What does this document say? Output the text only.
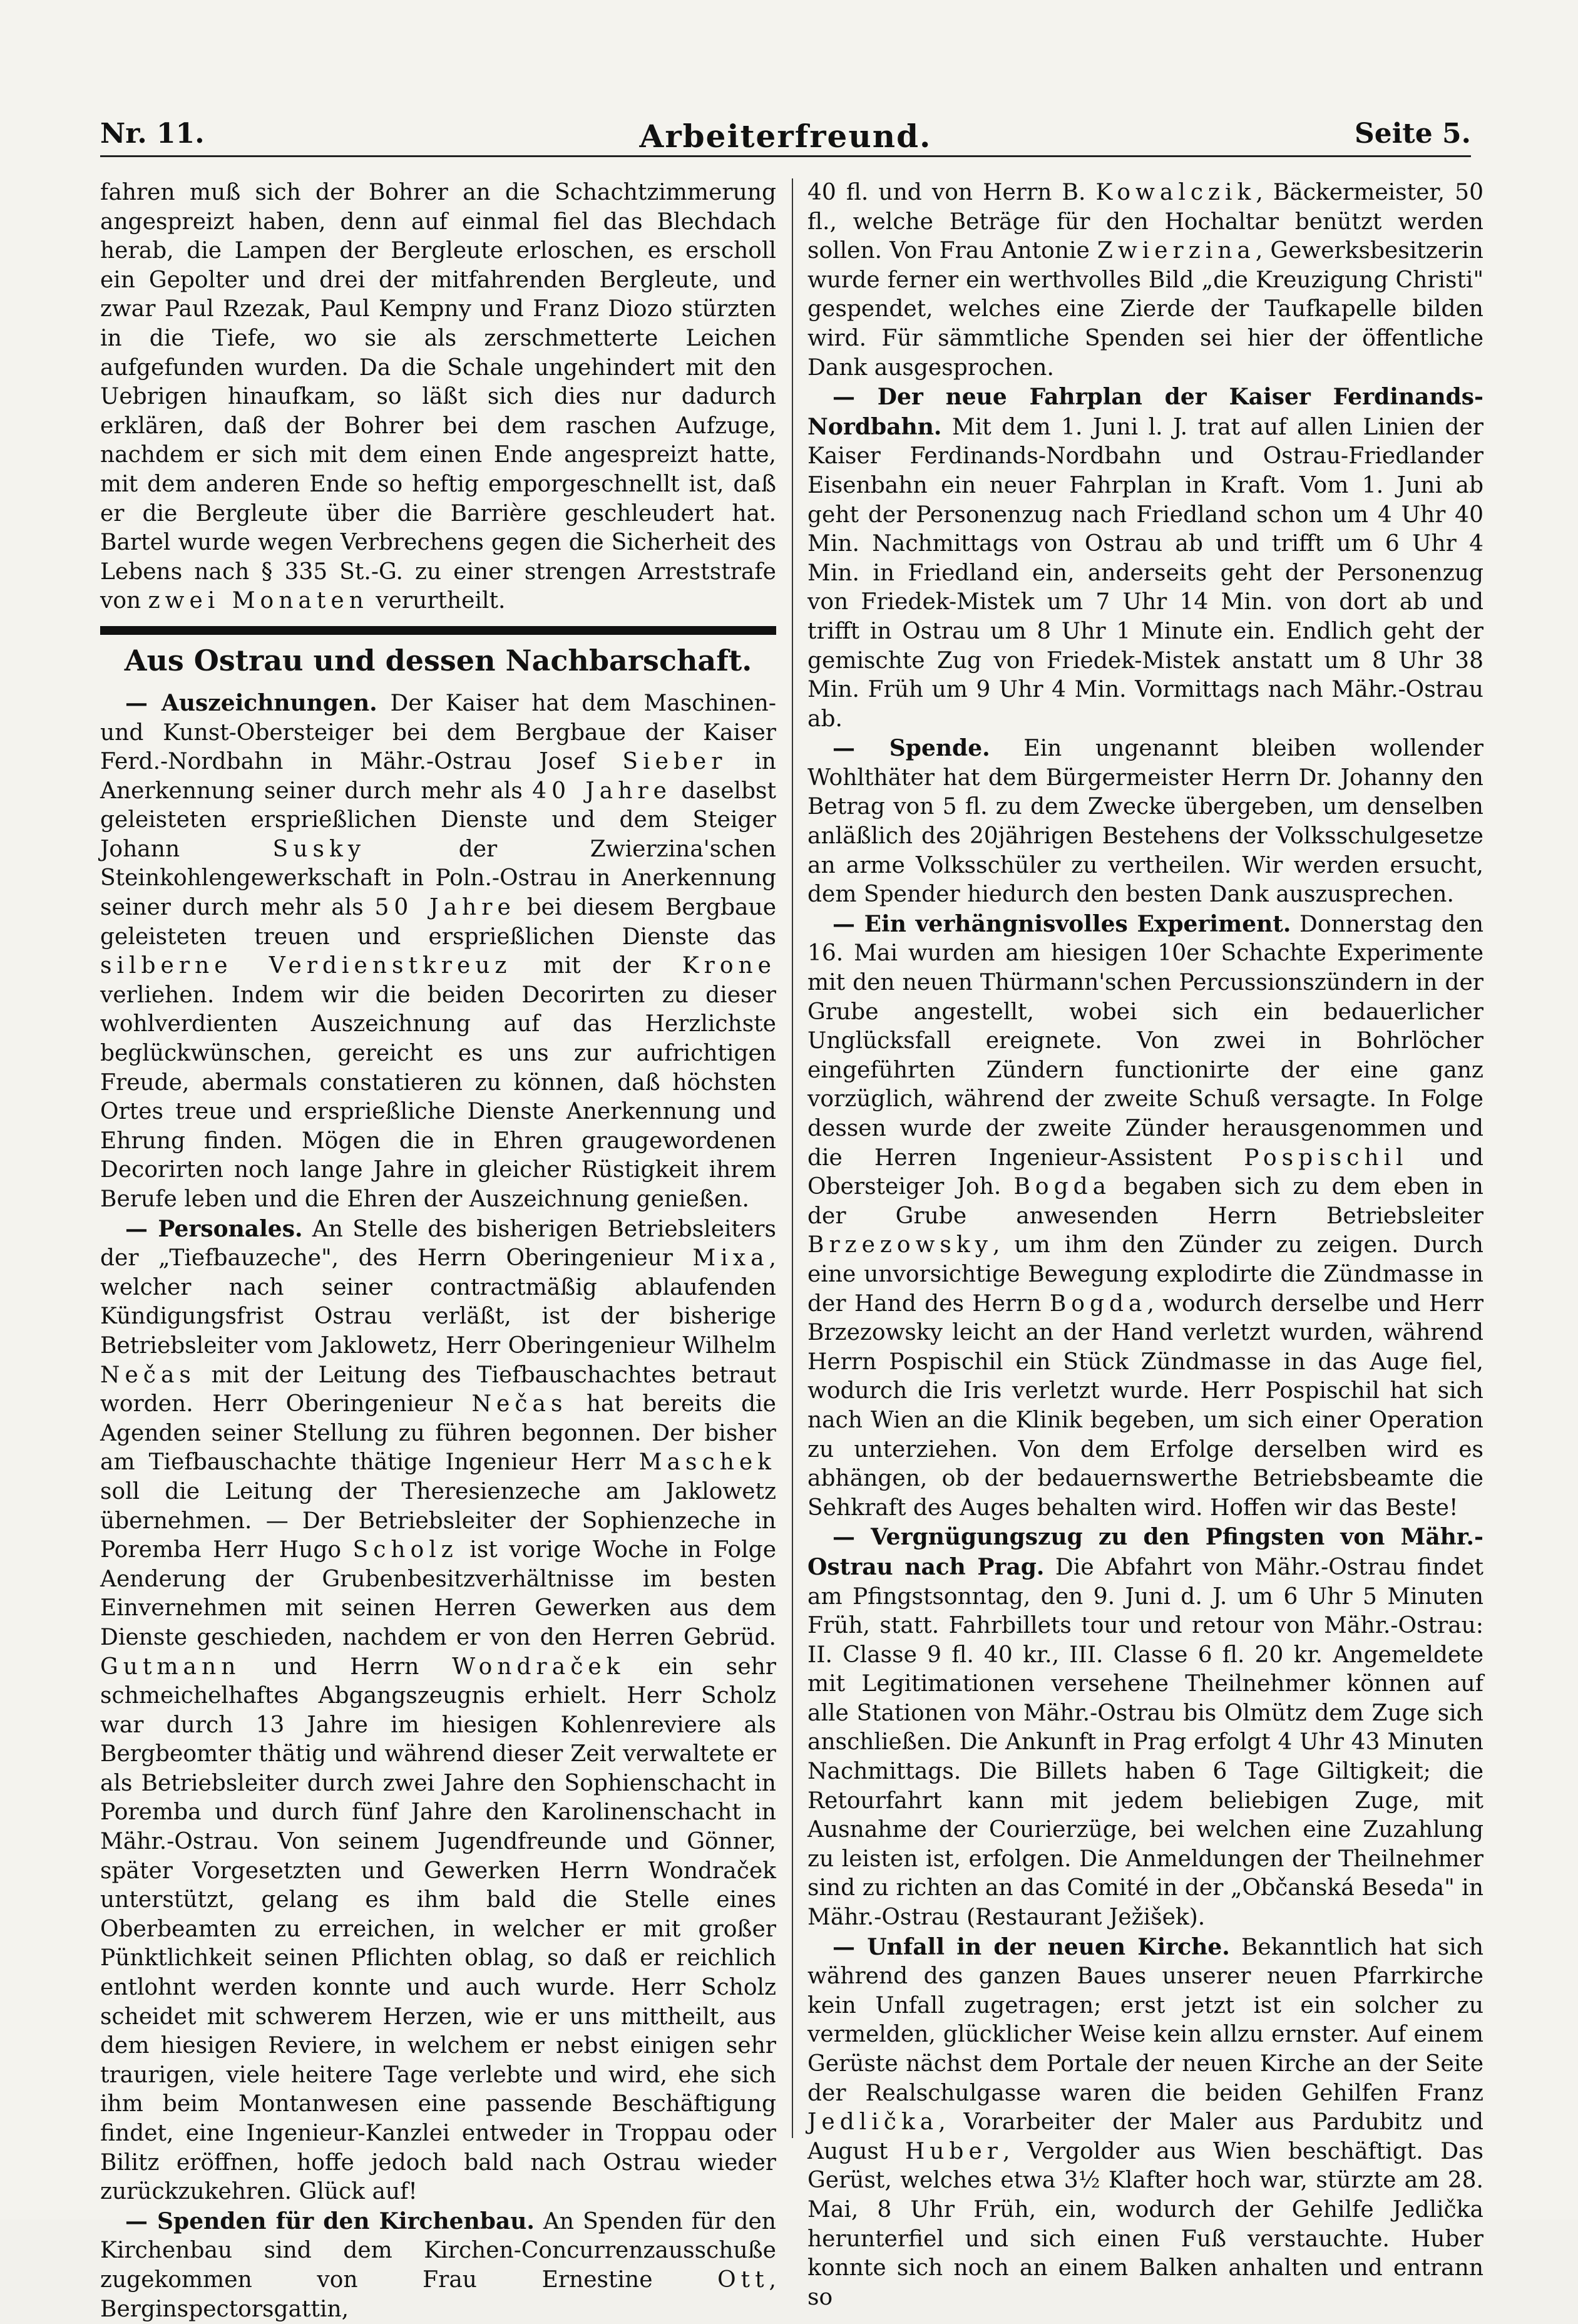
Nr. 11.	Arbeiterfreund.	Seite 5.

fahren muß sich der Bohrer an die Schachtzimmerung angespreizt haben, denn auf einmal fiel das Blechdach herab, die Lampen der Bergleute erloschen, es erscholl ein Gepolter und drei der mitfahrenden Bergleute, und zwar Paul Rzezak, Paul Kempny und Franz Diozo stürzten in die Tiefe, wo sie als zerschmetterte Leichen aufgefunden wurden. Da die Schale ungehindert mit den Uebrigen hinaufkam, so läßt sich dies nur dadurch erklären, daß der Bohrer bei dem raschen Aufzuge, nachdem er sich mit dem einen Ende angespreizt hatte, mit dem anderen Ende so heftig emporgeschnellt ist, daß er die Bergleute über die Barrière geschleudert hat. Bartel wurde wegen Verbrechens gegen die Sicherheit des Lebens nach § 335 St.-G. zu einer strengen Arreststrafe von zwei Monaten verurtheilt.

Aus Ostrau und dessen Nachbarschaft.

— Auszeichnungen. Der Kaiser hat dem Maschinen- und Kunst-Obersteiger bei dem Bergbaue der Kaiser Ferd.-Nordbahn in Mähr.-Ostrau Josef Sieber in Anerkennung seiner durch mehr als 40 Jahre daselbst geleisteten ersprießlichen Dienste und dem Steiger Johann Susky der Zwierzina'schen Steinkohlengewerkschaft in Poln.-Ostrau in Anerkennung seiner durch mehr als 50 Jahre bei diesem Bergbaue geleisteten treuen und ersprießlichen Dienste das silberne Verdienstkreuz mit der Krone verliehen. Indem wir die beiden Decorirten zu dieser wohlverdienten Auszeichnung auf das Herzlichste beglückwünschen, gereicht es uns zur aufrichtigen Freude, abermals constatieren zu können, daß höchsten Ortes treue und ersprießliche Dienste Anerkennung und Ehrung finden. Mögen die in Ehren graugewordenen Decorirten noch lange Jahre in gleicher Rüstigkeit ihrem Berufe leben und die Ehren der Auszeichnung genießen.

— Personales. An Stelle des bisherigen Betriebsleiters der „Tiefbauzeche", des Herrn Oberingenieur Mixa, welcher nach seiner contractmäßig ablaufenden Kündigungsfrist Ostrau verläßt, ist der bisherige Betriebsleiter vom Jaklowetz, Herr Oberingenieur Wilhelm Nečas mit der Leitung des Tiefbauschachtes betraut worden. Herr Oberingenieur Nečas hat bereits die Agenden seiner Stellung zu führen begonnen. Der bisher am Tiefbauschachte thätige Ingenieur Herr Maschek soll die Leitung der Theresienzeche am Jaklowetz übernehmen. — Der Betriebsleiter der Sophienzeche in Poremba Herr Hugo Scholz ist vorige Woche in Folge Aenderung der Grubenbesitzverhältnisse im besten Einvernehmen mit seinen Herren Gewerken aus dem Dienste geschieden, nachdem er von den Herren Gebrüd. Gutmann und Herrn Wondraček ein sehr schmeichelhaftes Abgangszeugnis erhielt. Herr Scholz war durch 13 Jahre im hiesigen Kohlenreviere als Bergbeomter thätig und während dieser Zeit verwaltete er als Betriebsleiter durch zwei Jahre den Sophienschacht in Poremba und durch fünf Jahre den Karolinenschacht in Mähr.-Ostrau. Von seinem Jugendfreunde und Gönner, später Vorgesetzten und Gewerken Herrn Wondraček unterstützt, gelang es ihm bald die Stelle eines Oberbeamten zu erreichen, in welcher er mit großer Pünktlichkeit seinen Pflichten oblag, so daß er reichlich entlohnt werden konnte und auch wurde. Herr Scholz scheidet mit schwerem Herzen, wie er uns mittheilt, aus dem hiesigen Reviere, in welchem er nebst einigen sehr traurigen, viele heitere Tage verlebte und wird, ehe sich ihm beim Montanwesen eine passende Beschäftigung findet, eine Ingenieur-Kanzlei entweder in Troppau oder Bilitz eröffnen, hoffe jedoch bald nach Ostrau wieder zurückzukehren. Glück auf!

— Spenden für den Kirchenbau. An Spenden für den Kirchenbau sind dem Kirchen-Concurrenzausschuße zugekommen von Frau Ernestine Ott, Berginspectorsgattin,

40 fl. und von Herrn B. Kowalczik, Bäckermeister, 50 fl., welche Beträge für den Hochaltar benützt werden sollen. Von Frau Antonie Zwierzina, Gewerksbesitzerin wurde ferner ein werthvolles Bild „die Kreuzigung Christi" gespendet, welches eine Zierde der Taufkapelle bilden wird. Für sämmtliche Spenden sei hier der öffentliche Dank ausgesprochen.

— Der neue Fahrplan der Kaiser Ferdinands-Nordbahn. Mit dem 1. Juni l. J. trat auf allen Linien der Kaiser Ferdinands-Nordbahn und Ostrau-Friedlander Eisenbahn ein neuer Fahrplan in Kraft. Vom 1. Juni ab geht der Personenzug nach Friedland schon um 4 Uhr 40 Min. Nachmittags von Ostrau ab und trifft um 6 Uhr 4 Min. in Friedland ein, anderseits geht der Personenzug von Friedek-Mistek um 7 Uhr 14 Min. von dort ab und trifft in Ostrau um 8 Uhr 1 Minute ein. Endlich geht der gemischte Zug von Friedek-Mistek anstatt um 8 Uhr 38 Min. Früh um 9 Uhr 4 Min. Vormittags nach Mähr.-Ostrau ab.

— Spende. Ein ungenannt bleiben wollender Wohlthäter hat dem Bürgermeister Herrn Dr. Johanny den Betrag von 5 fl. zu dem Zwecke übergeben, um denselben anläßlich des 20jährigen Bestehens der Volksschulgesetze an arme Volksschüler zu vertheilen. Wir werden ersucht, dem Spender hiedurch den besten Dank auszusprechen.

— Ein verhängnisvolles Experiment. Donnerstag den 16. Mai wurden am hiesigen 10er Schachte Experimente mit den neuen Thürmann'schen Percussionszündern in der Grube angestellt, wobei sich ein bedauerlicher Unglücksfall ereignete. Von zwei in Bohrlöcher eingeführten Zündern functionirte der eine ganz vorzüglich, während der zweite Schuß versagte. In Folge dessen wurde der zweite Zünder herausgenommen und die Herren Ingenieur-Assistent Pospischil und Obersteiger Joh. Bogda begaben sich zu dem eben in der Grube anwesenden Herrn Betriebsleiter Brzezowsky, um ihm den Zünder zu zeigen. Durch eine unvorsichtige Bewegung explodirte die Zündmasse in der Hand des Herrn Bogda, wodurch derselbe und Herr Brzezowsky leicht an der Hand verletzt wurden, während Herrn Pospischil ein Stück Zündmasse in das Auge fiel, wodurch die Iris verletzt wurde. Herr Pospischil hat sich nach Wien an die Klinik begeben, um sich einer Operation zu unterziehen. Von dem Erfolge derselben wird es abhängen, ob der bedauernswerthe Betriebsbeamte die Sehkraft des Auges behalten wird. Hoffen wir das Beste!

— Vergnügungszug zu den Pfingsten von Mähr.-Ostrau nach Prag. Die Abfahrt von Mähr.-Ostrau findet am Pfingstsonntag, den 9. Juni d. J. um 6 Uhr 5 Minuten Früh, statt. Fahrbillets tour und retour von Mähr.-Ostrau: II. Classe 9 fl. 40 kr., III. Classe 6 fl. 20 kr. Angemeldete mit Legitimationen versehene Theilnehmer können auf alle Stationen von Mähr.-Ostrau bis Olmütz dem Zuge sich anschließen. Die Ankunft in Prag erfolgt 4 Uhr 43 Minuten Nachmittags. Die Billets haben 6 Tage Giltigkeit; die Retourfahrt kann mit jedem beliebigen Zuge, mit Ausnahme der Courierzüge, bei welchen eine Zuzahlung zu leisten ist, erfolgen. Die Anmeldungen der Theilnehmer sind zu richten an das Comité in der „Občanská Beseda" in Mähr.-Ostrau (Restaurant Ježišek).

— Unfall in der neuen Kirche. Bekanntlich hat sich während des ganzen Baues unserer neuen Pfarrkirche kein Unfall zugetragen; erst jetzt ist ein solcher zu vermelden, glücklicher Weise kein allzu ernster. Auf einem Gerüste nächst dem Portale der neuen Kirche an der Seite der Realschulgasse waren die beiden Gehilfen Franz Jedlička, Vorarbeiter der Maler aus Pardubitz und August Huber, Vergolder aus Wien beschäftigt. Das Gerüst, welches etwa 3½ Klafter hoch war, stürzte am 28. Mai, 8 Uhr Früh, ein, wodurch der Gehilfe Jedlička herunterfiel und sich einen Fuß verstauchte. Huber konnte sich noch an einem Balken anhalten und entrann so
